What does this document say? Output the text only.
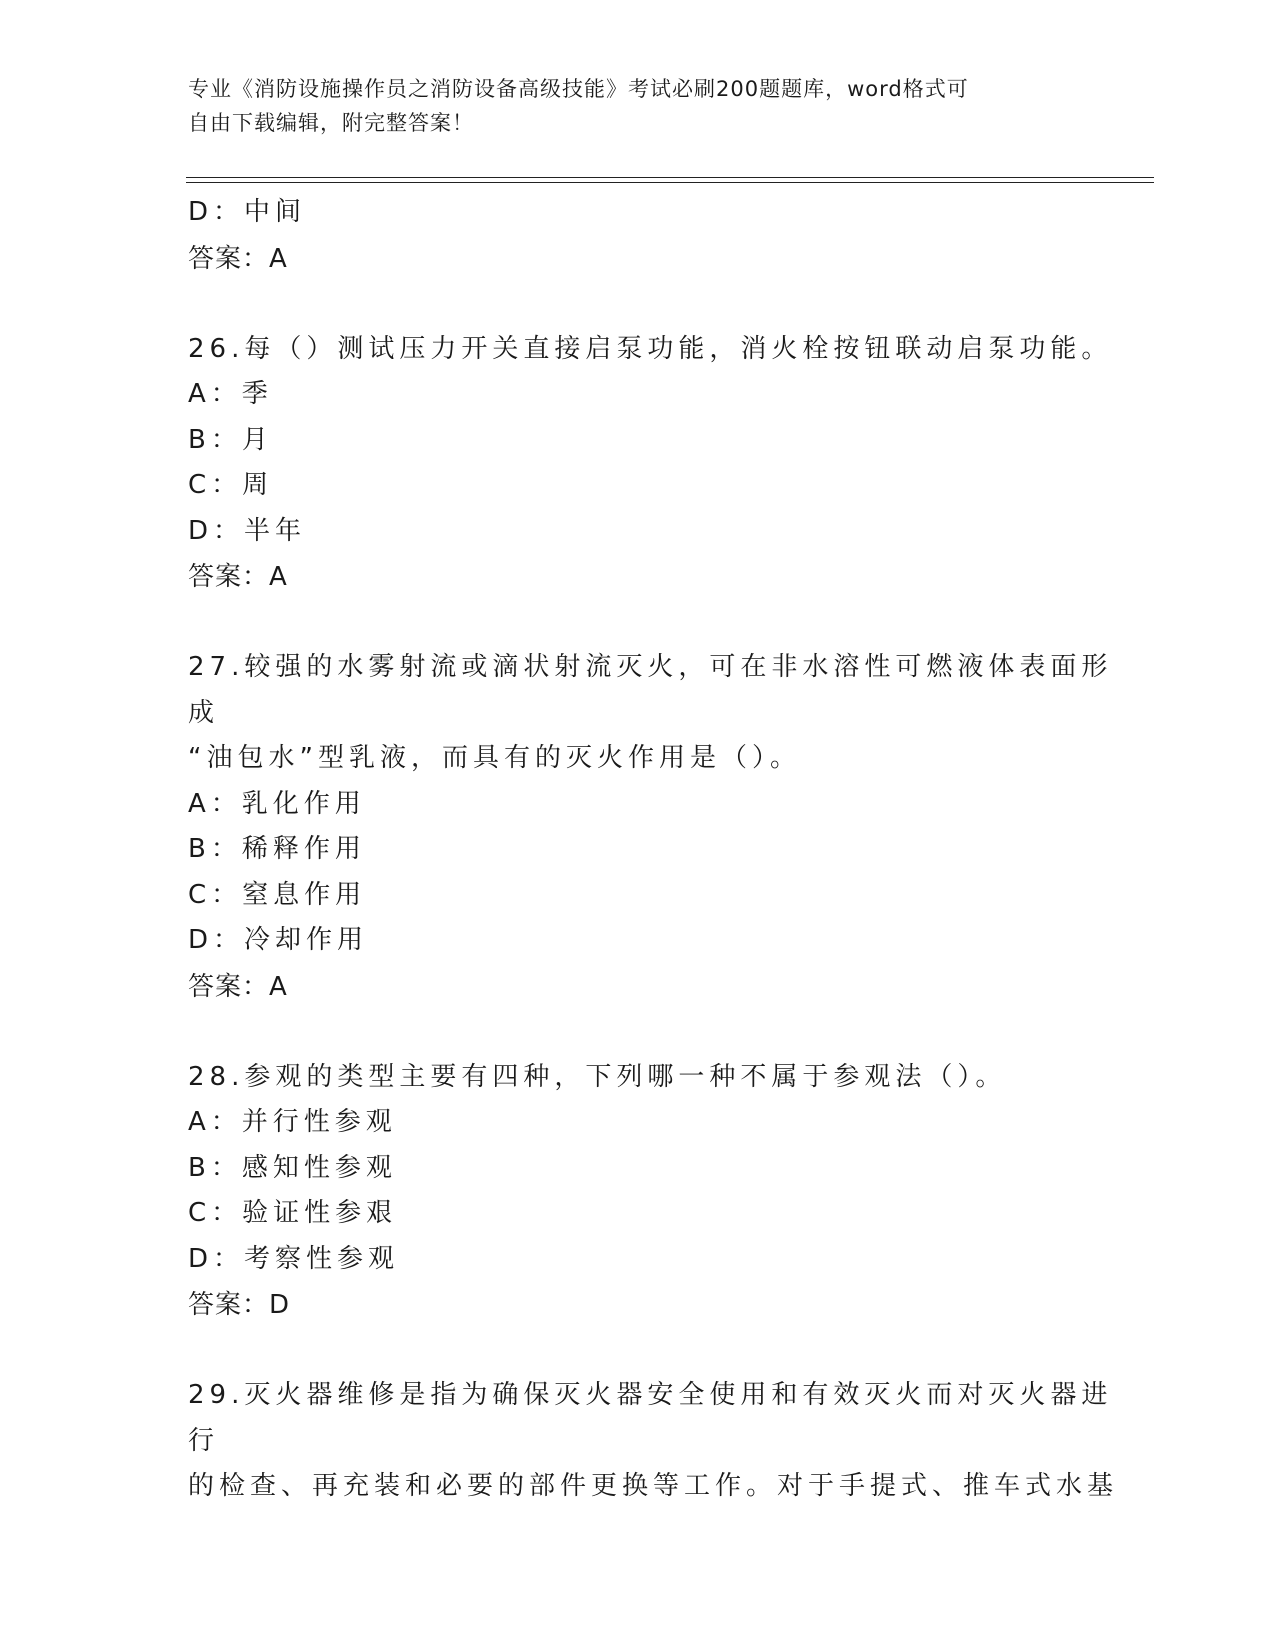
专业《消防设施操作员之消防设备高级技能》考试必刷200题题库，word格式可
自由下载编辑，附完整答案！
D：中间
答案：A
26.每（）测试压力开关直接启泵功能，消火栓按钮联动启泵功能。
A：季
B：月
C：周
D：半年
答案：A
27.较强的水雾射流或滴状射流灭火，可在非水溶性可燃液体表面形成
“油包水”型乳液，而具有的灭火作用是（）。
A：乳化作用
B：稀释作用
C：窒息作用
D：冷却作用
答案：A
28.参观的类型主要有四种，下列哪一种不属于参观法（）。
A：并行性参观
B：感知性参观
C：验证性参艰
D：考察性参观
答案：D
29.灭火器维修是指为确保灭火器安全使用和有效灭火而对灭火器进行
的检查、再充装和必要的部件更换等工作。对于手提式、推车式水基
